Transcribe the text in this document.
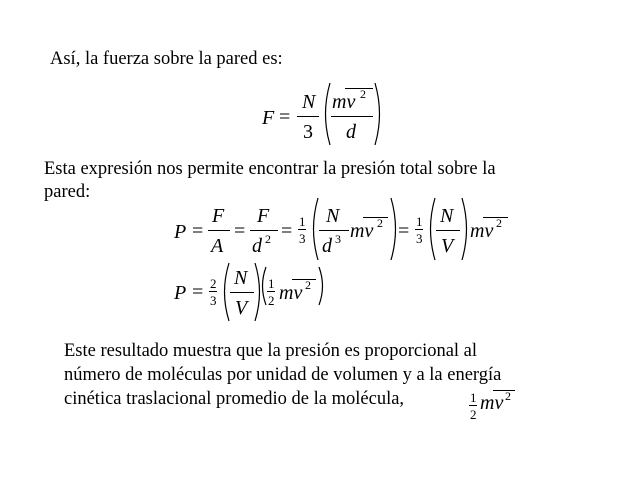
Así, la fuerza sobre la pared es:
Esta expresión nos permite encontrar la presión total sobre la
pared:
Este resultado muestra que la presión es proporcional al
número de moléculas por unidad de volumen y a la energía
cinética traslacional promedio de la molécula,
F =
N
3
mv 2
d
P =
F
A
=
F
d 2 = 1
3
N
d 3 mv 2 = 1
3
N
V
mv 2
P = 2
3
N
V
1
2 mv 2
1
2
mv 2
